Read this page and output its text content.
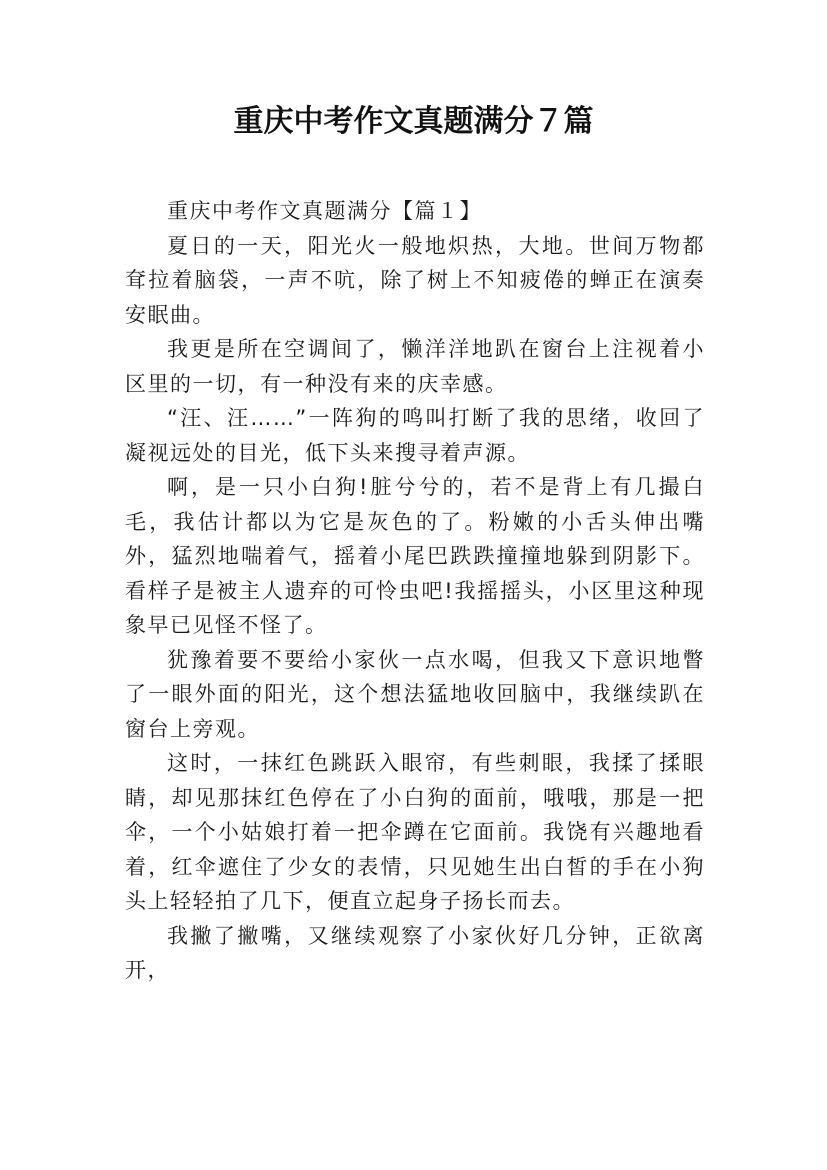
重庆中考作文真题满分７篇

重庆中考作文真题满分【篇１】

夏日的一天，阳光火一般地炽热，大地。世间万物都耷拉着脑袋，一声不吭，除了树上不知疲倦的蝉正在演奏安眠曲。

我更是所在空调间了，懒洋洋地趴在窗台上注视着小区里的一切，有一种没有来的庆幸感。

“汪、汪……”一阵狗的鸣叫打断了我的思绪，收回了凝视远处的目光，低下头来搜寻着声源。

啊，是一只小白狗!脏兮兮的，若不是背上有几撮白毛，我估计都以为它是灰色的了。粉嫩的小舌头伸出嘴外，猛烈地喘着气，摇着小尾巴跌跌撞撞地躲到阴影下。看样子是被主人遗弃的可怜虫吧!我摇摇头，小区里这种现象早已见怪不怪了。

犹豫着要不要给小家伙一点水喝，但我又下意识地瞥了一眼外面的阳光，这个想法猛地收回脑中，我继续趴在窗台上旁观。

这时，一抹红色跳跃入眼帘，有些刺眼，我揉了揉眼睛，却见那抹红色停在了小白狗的面前，哦哦，那是一把伞，一个小姑娘打着一把伞蹲在它面前。我饶有兴趣地看着，红伞遮住了少女的表情，只见她生出白皙的手在小狗头上轻轻拍了几下，便直立起身子扬长而去。

我撇了撇嘴，又继续观察了小家伙好几分钟，正欲离开，
